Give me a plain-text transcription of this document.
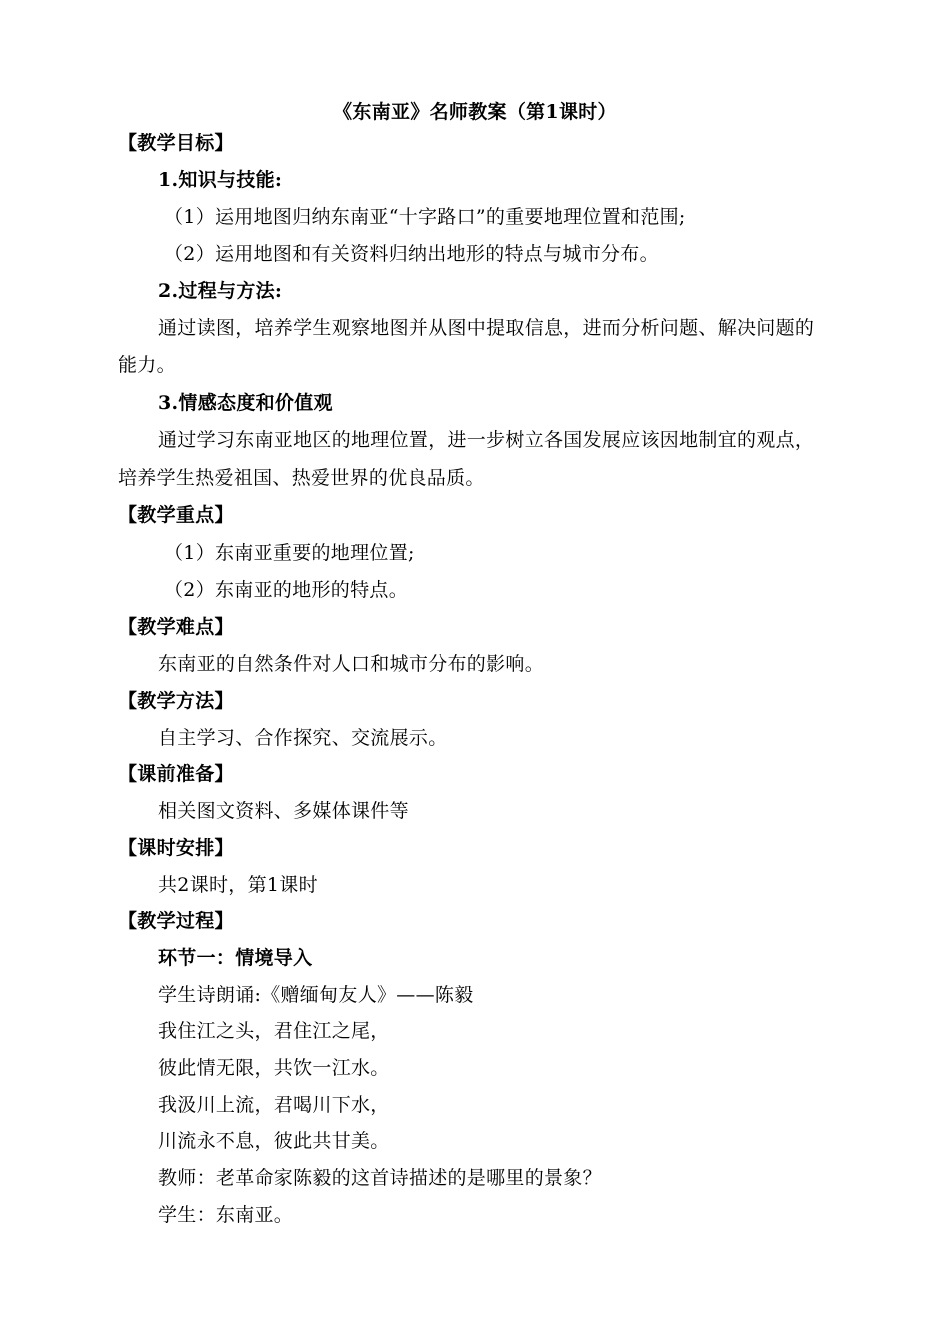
《东南亚》名师教案（第1课时）
【教学目标】
1.知识与技能:
（1）运用地图归纳东南亚“十字路口”的重要地理位置和范围;
（2）运用地图和有关资料归纳出地形的特点与城市分布。
2.过程与方法:
通过读图，培养学生观察地图并从图中提取信息，进而分析问题、解决问题的
能力。
3.情感态度和价值观
通过学习东南亚地区的地理位置，进一步树立各国发展应该因地制宜的观点，
培养学生热爱祖国、热爱世界的优良品质。
【教学重点】
（1）东南亚重要的地理位置;
（2）东南亚的地形的特点。
【教学难点】
东南亚的自然条件对人口和城市分布的影响。
【教学方法】
自主学习、合作探究、交流展示。
【课前准备】
相关图文资料、多媒体课件等
【课时安排】
共2课时，第1课时
【教学过程】
环节一：情境导入
学生诗朗诵:《赠缅甸友人》——陈毅
我住江之头，君住江之尾，
彼此情无限，共饮一江水。
我汲川上流，君喝川下水，
川流永不息，彼此共甘美。
教师：老革命家陈毅的这首诗描述的是哪里的景象？
学生：东南亚。
